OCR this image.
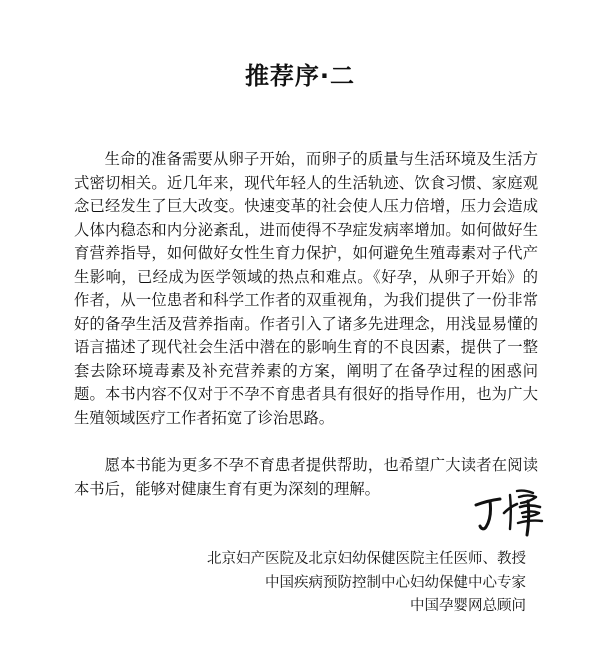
推荐序·二

生命的准备需要从卵子开始，而卵子的质量与生活环境及生活方式密切相关。近几年来，现代年轻人的生活轨迹、饮食习惯、家庭观念已经发生了巨大改变。快速变革的社会使人压力倍增，压力会造成人体内稳态和内分泌紊乱，进而使得不孕症发病率增加。如何做好生育营养指导，如何做好女性生育力保护，如何避免生殖毒素对子代产生影响，已经成为医学领域的热点和难点。《好孕，从卵子开始》的作者，从一位患者和科学工作者的双重视角，为我们提供了一份非常好的备孕生活及营养指南。作者引入了诸多先进理念，用浅显易懂的语言描述了现代社会生活中潜在的影响生育的不良因素，提供了一整套去除环境毒素及补充营养素的方案，阐明了在备孕过程的困惑问题。本书内容不仅对于不孕不育患者具有很好的指导作用，也为广大生殖领域医疗工作者拓宽了诊治思路。

愿本书能为更多不孕不育患者提供帮助，也希望广大读者在阅读本书后，能够对健康生育有更为深刻的理解。

北京妇产医院及北京妇幼保健医院主任医师、教授
中国疾病预防控制中心妇幼保健中心专家
中国孕婴网总顾问
